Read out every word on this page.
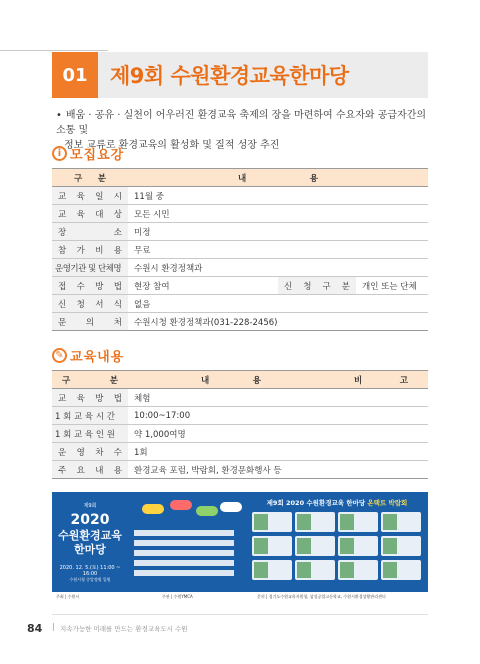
01	제9회 수원환경교육한마당
• 배움 · 공유 · 실천이 어우러진 환경교육 축제의 장을 마련하여 수요자와 공급자간의 소통 및
정보 교류로 환경교육의 활성화 및 질적 성장 추진
i 모집요강
구 분	내 용		

교 육 일 시	11월 중		

교 육 대 상	모든 시민		

장 소	미정		

참 가 비 용	무료		
운영기관 및 단체명	수원시 환경정책과		

접 수 방 법	현장 참여	신 청 구 분	개인 또는 단체

신 청 서 식	없음		

문 의 처	수원시청 환경정책과(031-228-2456)		
✎ 교육내용
구 분	내 용	비 고

교 육 방 법	체험	
1 회 교 육 시 간	10:00~17:00	
1 회 교 육 인 원	약 1,000여명	

운 영 차 수	1회	

주 요 내 용	환경교육 포럼, 박람회, 환경문화행사 등	
제9회
2020
수원환경교육
한마당
2020. 12. 5.(토) 11:00 ~ 16:00
수원시청 중앙정원 일원
제9회 2020 수원환경교육 한마당 온택트 박람회
주최 | 수원시	주관 | 수원YMCA	문의 | 경기도수원교육지원청, 삼성공업고등학교, 수원시환경상황관리센터
84 | 지속가능한 미래를 만드는 환경교육도시 수원
